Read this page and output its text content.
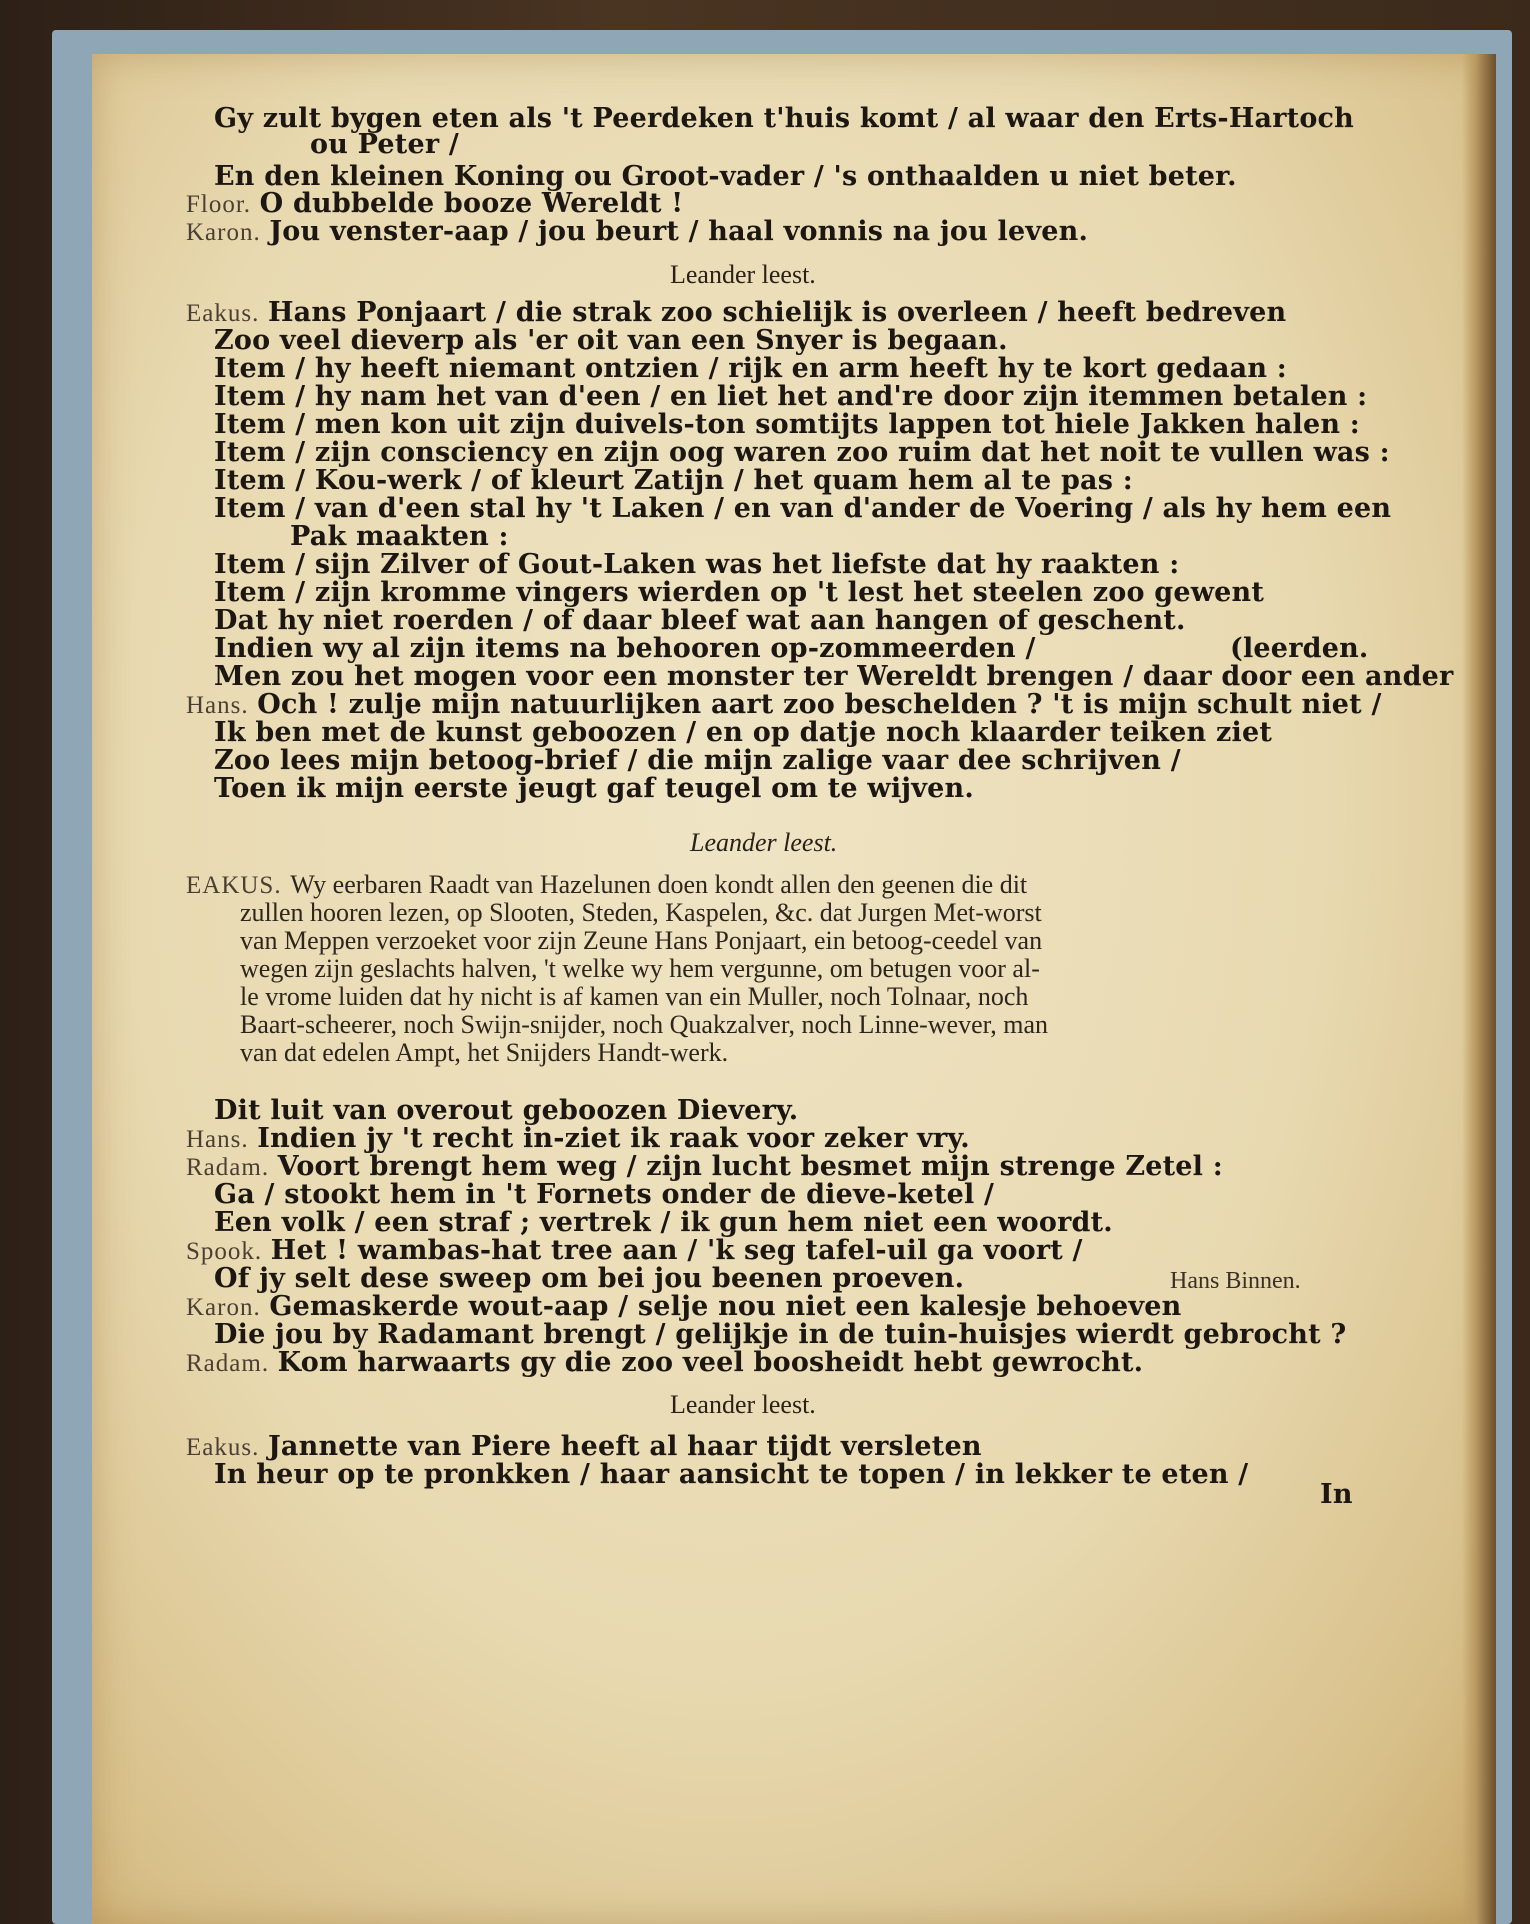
Gy zult bygen eten als 't Peerdeken t'huis komt / al waar den Erts-Hartoch
ou Peter /
En den kleinen Koning ou Groot-vader / 's onthaalden u niet beter.
Floor. O dubbelde booze Wereldt !
Karon. Jou venster-aap / jou beurt / haal vonnis na jou leven.
Leander leest.
Eakus. Hans Ponjaart / die strak zoo schielijk is overleen / heeft bedreven
Zoo veel dieverp als 'er oit van een Snyer is begaan.
Item / hy heeft niemant ontzien / rijk en arm heeft hy te kort gedaan :
Item / hy nam het van d'een / en liet het and're door zijn itemmen betalen :
Item / men kon uit zijn duivels-ton somtijts lappen tot hiele Jakken halen :
Item / zijn consciency en zijn oog waren zoo ruim dat het noit te vullen was :
Item / Kou-werk / of kleurt Zatijn / het quam hem al te pas :
Item / van d'een stal hy 't Laken / en van d'ander de Voering / als hy hem een
Pak maakten :
Item / sijn Zilver of Gout-Laken was het liefste dat hy raakten :
Item / zijn kromme vingers wierden op 't lest het steelen zoo gewent
Dat hy niet roerden / of daar bleef wat aan hangen of geschent.
Indien wy al zijn items na behooren op-zommeerden /	(leerden.
Men zou het mogen voor een monster ter Wereldt brengen / daar door een ander
Hans. Och ! zulje mijn natuurlijken aart zoo beschelden ? 't is mijn schult niet /
Ik ben met de kunst geboozen / en op datje noch klaarder teiken ziet
Zoo lees mijn betoog-brief / die mijn zalige vaar dee schrijven /
Toen ik mijn eerste jeugt gaf teugel om te wijven.
Leander leest.
EAKUS. Wy eerbaren Raadt van Hazelunen doen kondt allen den geenen die dit
zullen hooren lezen, op Slooten, Steden, Kaspelen, &c. dat Jurgen Met-worst
van Meppen verzoeket voor zijn Zeune Hans Ponjaart, ein betoog-ceedel van
wegen zijn geslachts halven, 't welke wy hem vergunne, om betugen voor al-
le vrome luiden dat hy nicht is af kamen van ein Muller, noch Tolnaar, noch
Baart-scheerer, noch Swijn-snijder, noch Quakzalver, noch Linne-wever, man
van dat edelen Ampt, het Snijders Handt-werk.
Dit luit van overout geboozen Dievery.
Hans. Indien jy 't recht in-ziet ik raak voor zeker vry.
Radam. Voort brengt hem weg / zijn lucht besmet mijn strenge Zetel :
Ga / stookt hem in 't Fornets onder de dieve-ketel /
Een volk / een straf ; vertrek / ik gun hem niet een woordt.
Spook. Het ! wambas-hat tree aan / 'k seg tafel-uil ga voort /
Of jy selt dese sweep om bei jou beenen proeven.	Hans Binnen.
Karon. Gemaskerde wout-aap / selje nou niet een kalesje behoeven
Die jou by Radamant brengt / gelijkje in de tuin-huisjes wierdt gebrocht ?
Radam. Kom harwaarts gy die zoo veel boosheidt hebt gewrocht.
Leander leest.
Eakus. Jannette van Piere heeft al haar tijdt versleten
In heur op te pronkken / haar aansicht te topen / in lekker te eten /
In
